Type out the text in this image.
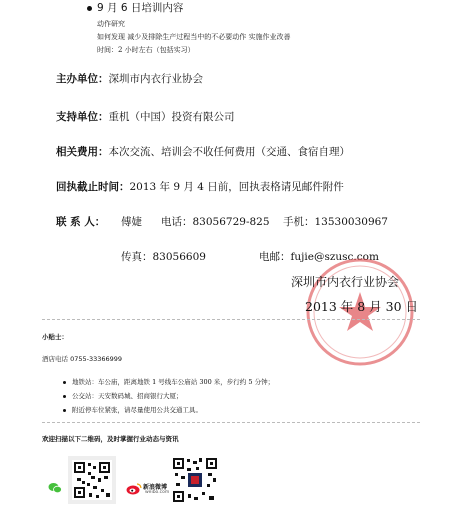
9 月 6 日培训内容
动作研究
如何发现 减少及排除生产过程当中的不必要动作 实施作业改善
时间：2 小时左右（包括实习）
主办单位：深圳市内衣行业协会
支持单位：重机（中国）投资有限公司
相关费用：本次交流、培训会不收任何费用（交通、食宿自理）
回执截止时间：2013 年 9 月 4 日前，回执表格请见邮件附件
联 系 人： 傅婕 电话：83056729-825 手机：13530030967
传真：83056609	电邮：fujie@szusc.com
深圳市内衣行业协会
2013 年 8 月 30 日
小贴士：
酒店电话 0755-33366999
地铁站：车公庙，距离地铁 1 号线车公庙站 300 米，步行约 5 分钟；
公交站：天安数码城、招商银行大厦；
附近停车位紧张，请尽量使用公共交通工具。
欢迎扫描以下二维码，及时掌握行业动态与资讯
新浪微博
weibo.com
